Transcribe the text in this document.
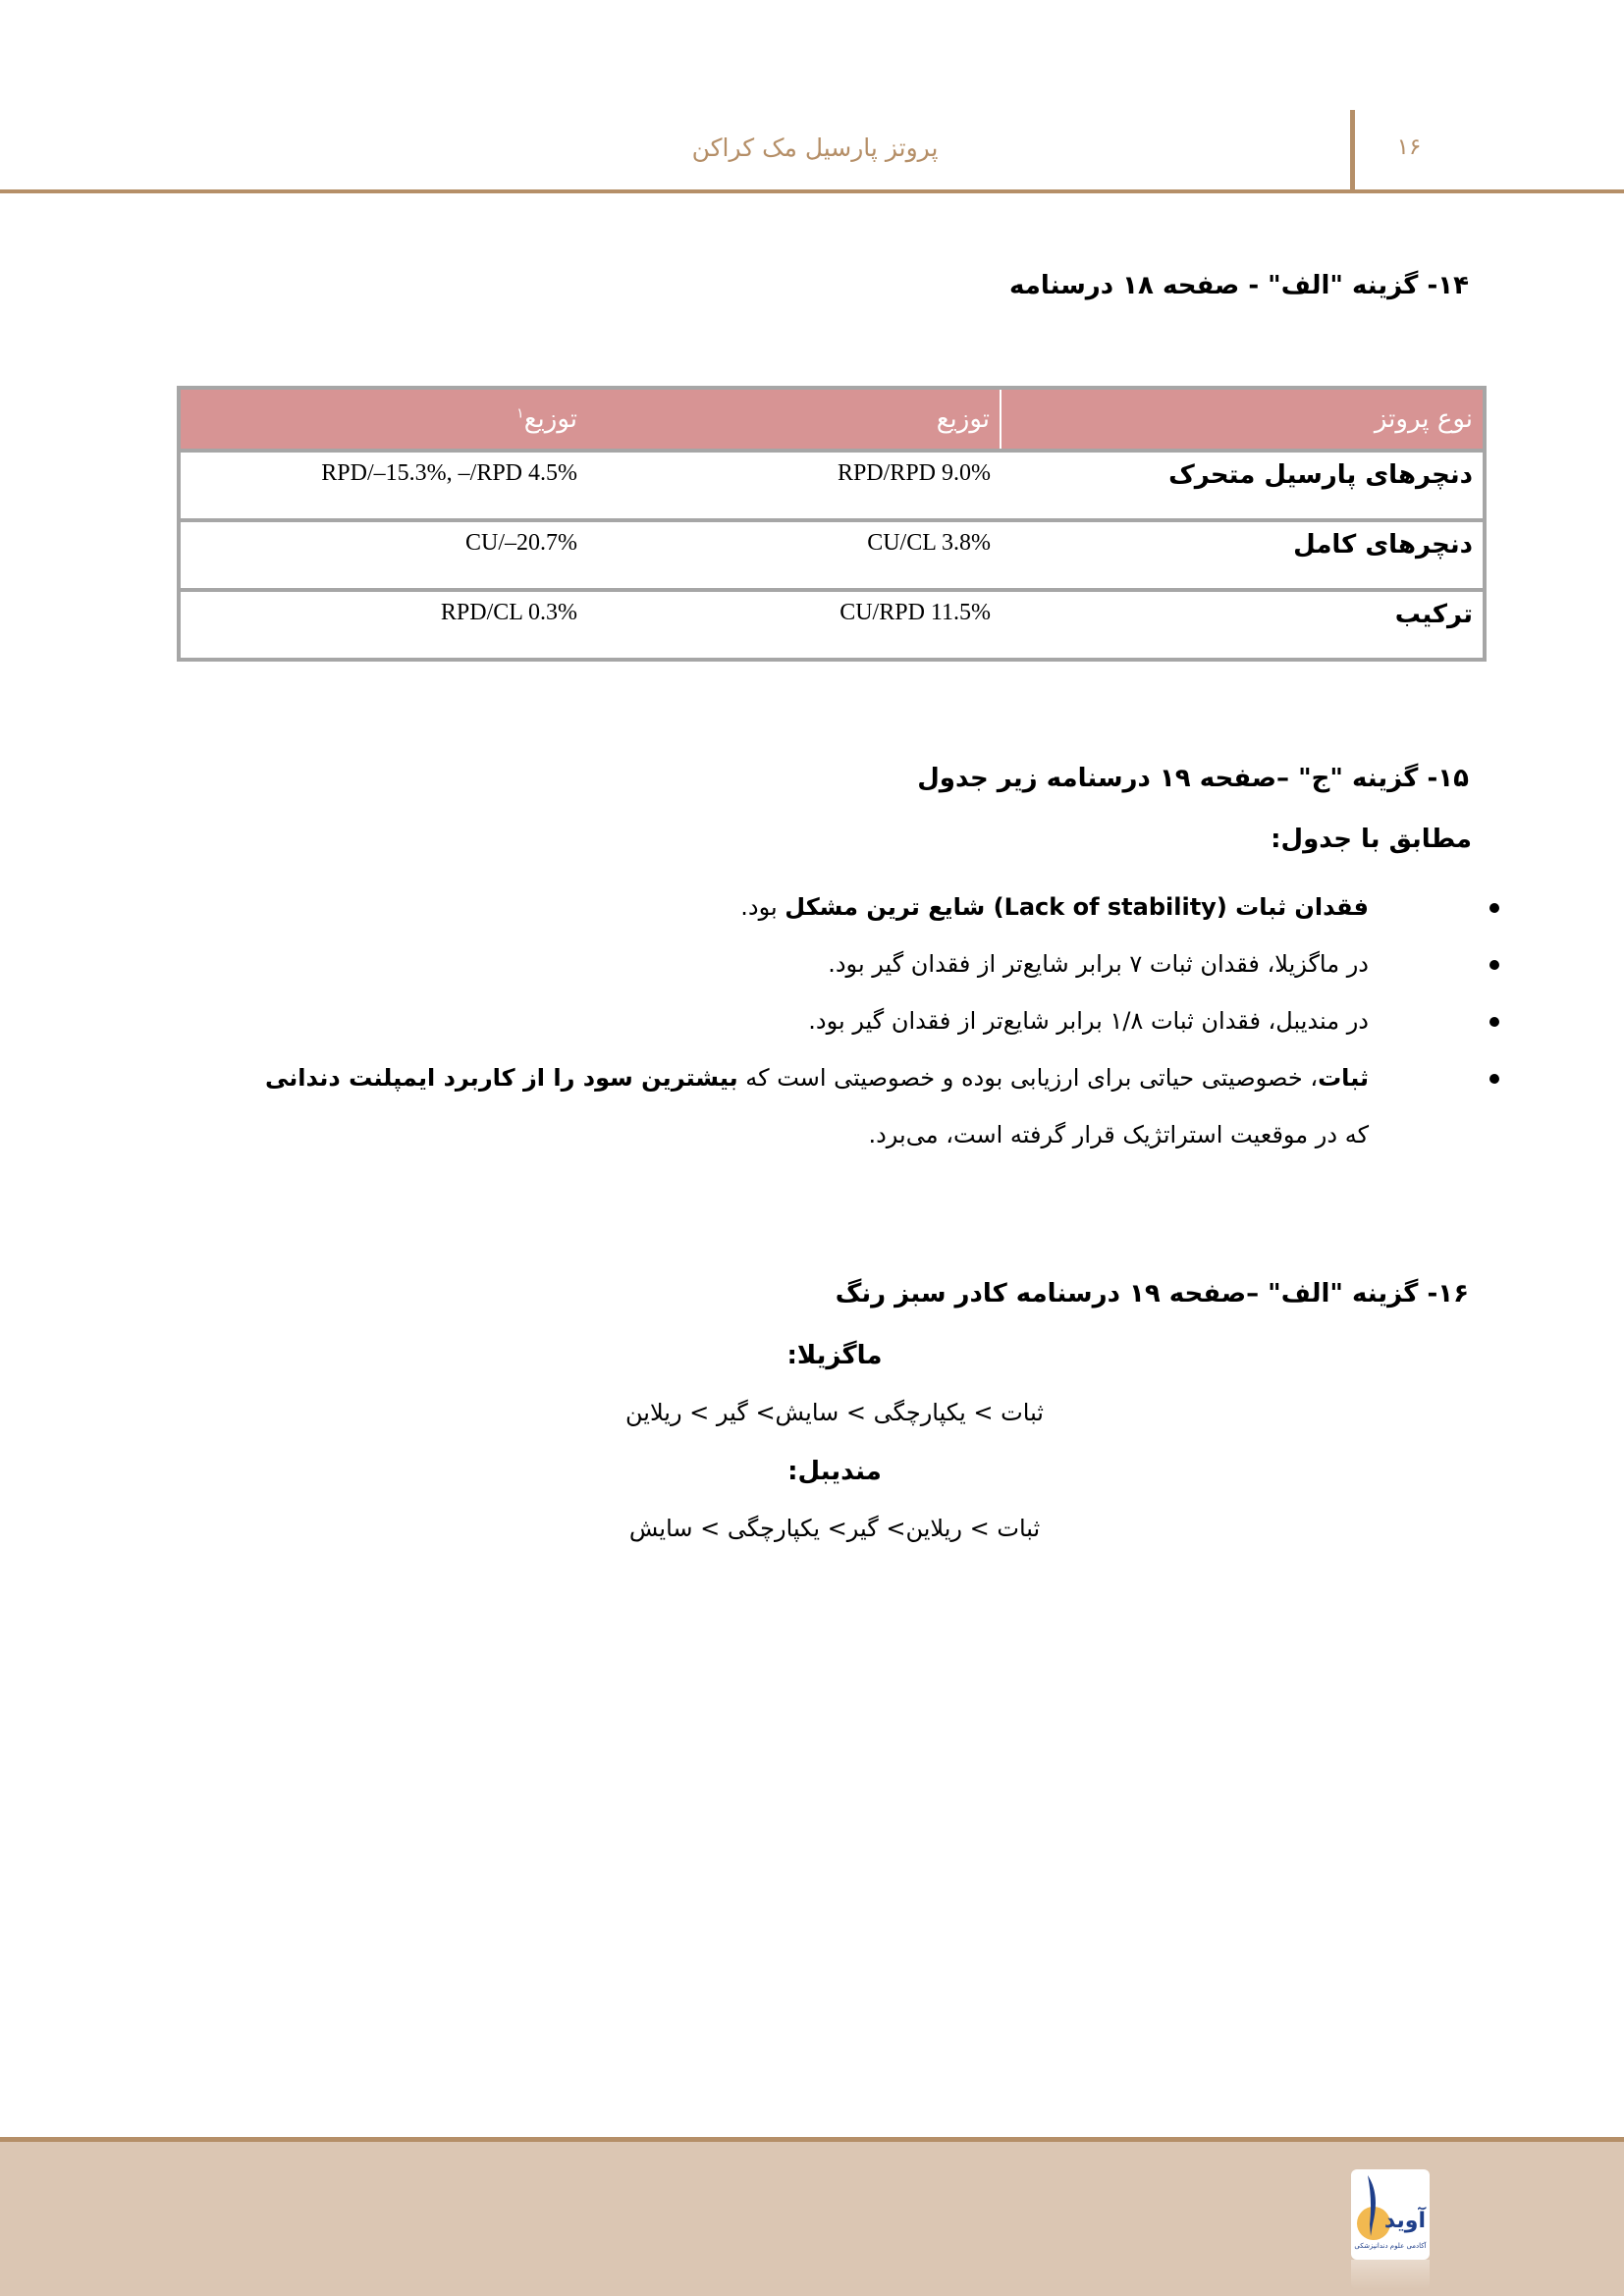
پروتز پارسیل مک کراکن	۱۶
۱۴- گزینه "الف" - صفحه ۱۸ درسنامه
نوع پروتز	توزیع	توزیع$^۱$
دنچرهای پارسیل متحرک	RPD/RPD 9.0%	RPD/–15.3%, –/RPD 4.5%
دنچرهای کامل	CU/CL 3.8%	CU/–20.7%
ترکیب	CU/RPD 11.5%	RPD/CL 0.3%
۱۵- گزینه "ج" –صفحه ۱۹ درسنامه زیر جدول
مطابق با جدول:
فقدان ثبات (Lack of stability) شایع ترین مشکل بود.
در ماگزیلا، فقدان ثبات ۷ برابر شایع‌تر از فقدان گیر بود.
در مندیبل، فقدان ثبات ۱/۸ برابر شایع‌تر از فقدان گیر بود.
ثبات، خصوصیتی حیاتی برای ارزیابی بوده و خصوصیتی است که بیشترین سود را از کاربرد ایمپلنت دندانی
که در موقعیت استراتژیک قرار گرفته است، می‌برد.
۱۶- گزینه "الف" –صفحه ۱۹ درسنامه کادر سبز رنگ
ماگزیلا:
ثبات > یکپارچگی > سایش> گیر > ریلاین
مندیبل:
ثبات > ریلاین> گیر> یکپارچگی > سایش
آوید
آکادمی علوم دندانپزشکی
